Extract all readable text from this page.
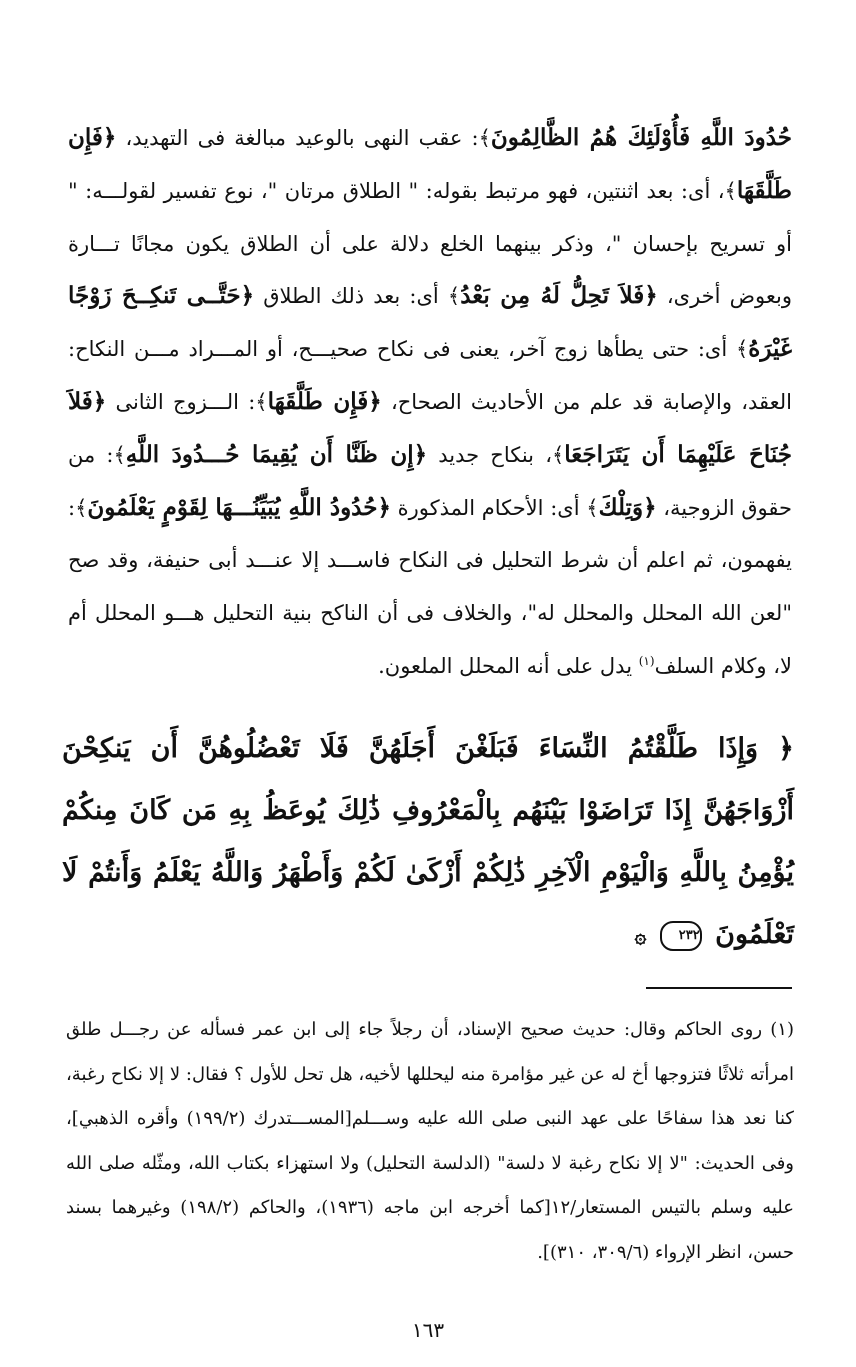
حُدُودَ اللَّهِ فَأُوْلَئِكَ هُمُ الظَّالِمُونَ﴾: عقب النهى بالوعيد مبالغة فى التهديد، ﴿فَإِن طَلَّقَهَا﴾، أى: بعد اثنتين، فهو مرتبط بقوله: " الطلاق مرتان "، نوع تفسير لقولـــه: " أو تسريح بإحسان "، وذكر بينهما الخلع دلالة على أن الطلاق يكون مجانًا تـــارة وبعوض أخرى، ﴿فَلاَ تَحِلُّ لَهُ مِن بَعْدُ﴾ أى: بعد ذلك الطلاق ﴿حَتَّــى تَنكِــحَ زَوْجًا غَيْرَهُ﴾ أى: حتى يطأها زوج آخر، يعنى فى نكاح صحيـــح، أو المـــراد مـــن النكاح: العقد، والإصابة قد علم من الأحاديث الصحاح، ﴿فَإِن طَلَّقَهَا﴾: الـــزوج الثانى ﴿فَلاَ جُنَاحَ عَلَيْهِمَا أَن يَتَرَاجَعَا﴾، بنكاح جديد ﴿إِن ظَنَّا أَن يُقِيمَا حُـــدُودَ اللَّهِ﴾: من حقوق الزوجية، ﴿وَتِلْكَ﴾ أى: الأحكام المذكورة ﴿حُدُودُ اللَّهِ يُبَيِّنُـــهَا لِقَوْمٍ يَعْلَمُونَ﴾: يفهمون، ثم اعلم أن شرط التحليل فى النكاح فاســـد إلا عنـــد أبى حنيفة، وقد صح "لعن الله المحلل والمحلل له"، والخلاف فى أن الناكح بنية التحليل هـــو المحلل أم لا، وكلام السلف$^{(١)}$ يدل على أنه المحلل الملعون.
﴿ وَإِذَا طَلَّقْتُمُ النِّسَاءَ فَبَلَغْنَ أَجَلَهُنَّ فَلَا تَعْضُلُوهُنَّ أَن يَنكِحْنَ أَزْوَاجَهُنَّ إِذَا تَرَاضَوْا بَيْنَهُم بِالْمَعْرُوفِ ذَٰلِكَ يُوعَظُ بِهِ مَن كَانَ مِنكُمْ يُؤْمِنُ بِاللَّهِ وَالْيَوْمِ الْآخِرِ ذَٰلِكُمْ أَزْكَىٰ لَكُمْ وَأَطْهَرُ وَاللَّهُ يَعْلَمُ وَأَنتُمْ لَا تَعْلَمُونَ ٢٣٢ ۞
(١) روى الحاكم وقال: حديث صحيح الإسناد، أن رجلاً جاء إلى ابن عمر فسأله عن رجـــل طلق امرأته ثلاثًا فتزوجها أخ له عن غير مؤامرة منه ليحللها لأخيه، هل تحل للأول ؟ فقال: لا إلا نكاح رغبة، كنا نعد هذا سفاحًا على عهد النبى صلى الله عليه وســـلم[المســـتدرك (١٩٩/٢) وأقره الذهبي]، وفى الحديث: "لا إلا نكاح رغبة لا دلسة" (الدلسة التحليل) ولا استهزاء بكتاب الله، ومثّله صلى الله عليه وسلم بالتيس المستعار/١٢[كما أخرجه ابن ماجه (١٩٣٦)، والحاكم (١٩٨/٢) وغيرهما بسند حسن، انظر الإرواء (٣٠٩/٦، ٣١٠)].
١٦٣
